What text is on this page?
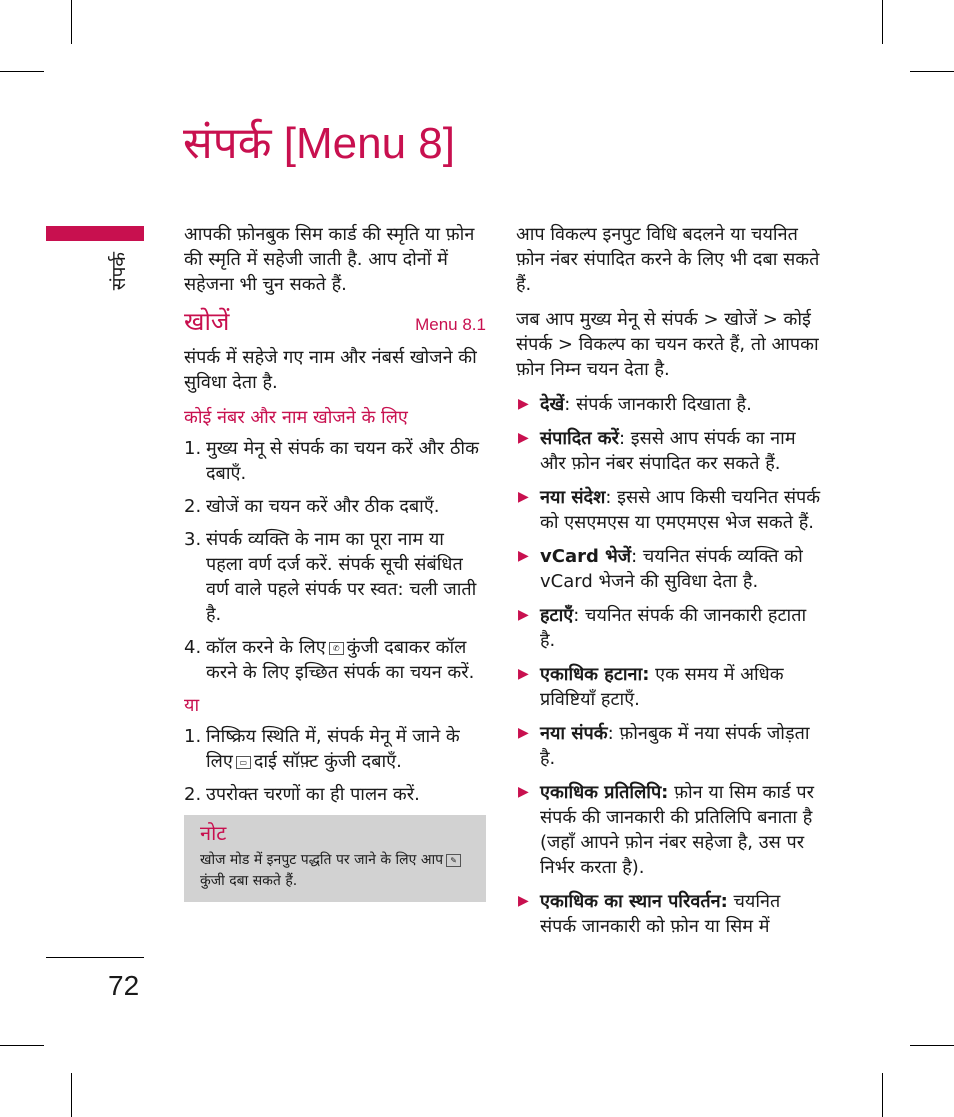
संपर्क [Menu 8]
संपर्क
72

आपकी फ़ोनबुक सिम कार्ड की स्मृति या फ़ोन की स्मृति में सहेजी जाती है. आप दोनों में सहेजना भी चुन सकते हैं.

खोजें	Menu 8.1

संपर्क में सहेजे गए नाम और नंबर्स खोजने की सुविधा देता है.

कोई नंबर और नाम खोजने के लिए
1. मुख्य मेनू से संपर्क का चयन करें और ठीक दबाएँ.
2. खोजें का चयन करें और ठीक दबाएँ.
3. संपर्क व्यक्ति के नाम का पूरा नाम या पहला वर्ण दर्ज करें. संपर्क सूची संबंधित वर्ण वाले पहले संपर्क पर स्वत: चली जाती है.
4. कॉल करने के लिए ✆ कुंजी दबाकर कॉल करने के लिए इच्छित संपर्क का चयन करें.
या
1. निष्क्रिय स्थिति में, संपर्क मेनू में जाने के लिए ▭ दाई सॉफ़्ट कुंजी दबाएँ.
2. उपरोक्त चरणों का ही पालन करें.
नोट
खोज मोड में इनपुट पद्धति पर जाने के लिए आप ✎कुंजी दबा सकते हैं.

आप विकल्प इनपुट विधि बदलने या चयनित फ़ोन नंबर संपादित करने के लिए भी दबा सकते हैं.

जब आप मुख्य मेनू से संपर्क > खोजें > कोई संपर्क > विकल्प का चयन करते हैं, तो आपका फ़ोन निम्न चयन देता है.

▶ देखें: संपर्क जानकारी दिखाता है.
▶ संपादित करें: इससे आप संपर्क का नाम और फ़ोन नंबर संपादित कर सकते हैं.
▶ नया संदेश: इससे आप किसी चयनित संपर्क को एसएमएस या एमएमएस भेज सकते हैं.
▶ vCard भेजें: चयनित संपर्क व्यक्ति को vCard भेजने की सुविधा देता है.
▶ हटाएँ: चयनित संपर्क की जानकारी हटाता है.
▶ एकाधिक हटाना: एक समय में अधिक प्रविष्टियाँ हटाएँ.
▶ नया संपर्क: फ़ोनबुक में नया संपर्क जोड़ता है.
▶ एकाधिक प्रतिलिपि: फ़ोन या सिम कार्ड पर संपर्क की जानकारी की प्रतिलिपि बनाता है (जहाँ आपने फ़ोन नंबर सहेजा है, उस पर निर्भर करता है).
▶ एकाधिक का स्थान परिवर्तन: चयनित संपर्क जानकारी को फ़ोन या सिम में
